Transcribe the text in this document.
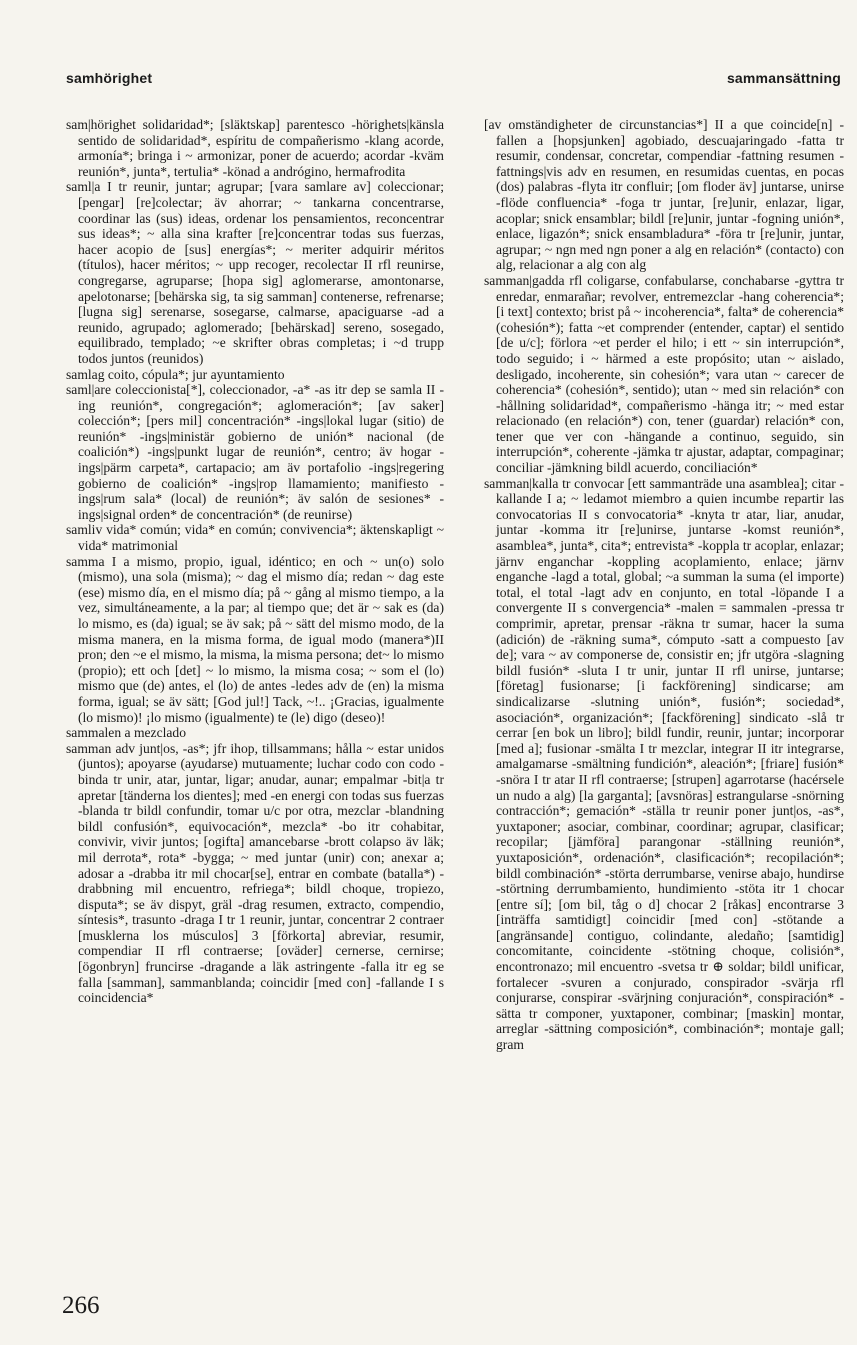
samhörighet	sammansättning
sam|hörighet solidaridad*; [släktskap] parentesco -hörighets|känsla sentido de solidaridad*, espíritu de compañerismo -klang acorde, armonía*; bringa i ~ armonizar, poner de acuerdo; acordar -kväm reunión*, junta*, tertulia* -könad a andrógino, hermafrodita
saml|a I tr reunir, juntar; agrupar; [vara samlare av] coleccionar; [pengar] [re]colectar; äv ahorrar; ~ tankarna concentrarse, coordinar las (sus) ideas, ordenar los pensamientos, reconcentrar sus ideas*; ~ alla sina krafter [re]concentrar todas sus fuerzas, hacer acopio de [sus] energías*; ~ meriter adquirir méritos (títulos), hacer méritos; ~ upp recoger, recolectar II rfl reunirse, congregarse, agruparse; [hopa sig] aglomerarse, amontonarse, apelotonarse; [behärska sig, ta sig samman] contenerse, refrenarse; [lugna sig] serenarse, sosegarse, calmarse, apaciguarse -ad a reunido, agrupado; aglomerado; [behärskad] sereno, sosegado, equilibrado, templado; ~e skrifter obras completas; i ~d trupp todos juntos (reunidos)
samlag coito, cópula*; jur ayuntamiento
saml|are coleccionista[*], coleccionador, -a* -as itr dep se samla II -ing reunión*, congregación*; aglomeración*; [av saker] colección*; [pers mil] concentración* -ings|lokal lugar (sitio) de reunión* -ings|ministär gobierno de unión* nacional (de coalición*) -ings|punkt lugar de reunión*, centro; äv hogar -ings|pärm carpeta*, cartapacio; am äv portafolio -ings|regering gobierno de coalición* -ings|rop llamamiento; manifiesto -ings|rum sala* (local) de reunión*; äv salón de sesiones* -ings|signal orden* de concentración* (de reunirse)
samliv vida* común; vida* en común; convivencia*; äktenskapligt ~ vida* matrimonial
samma I a mismo, propio, igual, idéntico; en och ~ un(o) solo (mismo), una sola (misma); ~ dag el mismo día; redan ~ dag este (ese) mismo día, en el mismo día; på ~ gång al mismo tiempo, a la vez, simultáneamente, a la par; al tiempo que; det är ~ sak es (da) lo mismo, es (da) igual; se äv sak; på ~ sätt del mismo modo, de la misma manera, en la misma forma, de igual modo (manera*)II pron; den ~e el mismo, la misma, la misma persona; det~ lo mismo (propio); ett och [det] ~ lo mismo, la misma cosa; ~ som el (lo) mismo que (de) antes, el (lo) de antes -ledes adv de (en) la misma forma, igual; se äv sätt; [God jul!] Tack, ~!.. ¡Gracias, igualmente (lo mismo)! ¡lo mismo (igualmente) te (le) digo (deseo)!
sammalen a mezclado
samman adv junt|os, -as*; jfr ihop, tillsammans; hålla ~ estar unidos (juntos); apoyarse (ayudarse) mutuamente; luchar codo con codo -binda tr unir, atar, juntar, ligar; anudar, aunar; empalmar -bit|a tr apretar [tänderna los dientes]; med -en energi con todas sus fuerzas -blanda tr bildl confundir, tomar u/c por otra, mezclar -blandning bildl confusión*, equivocación*, mezcla* -bo itr cohabitar, convivir, vivir juntos; [ogifta] amancebarse -brott colapso äv läk; mil derrota*, rota* -bygga; ~ med juntar (unir) con; anexar a; adosar a -drabba itr mil chocar[se], entrar en combate (batalla*) -drabbning mil encuentro, refriega*; bildl choque, tropiezo, disputa*; se äv dispyt, gräl -drag resumen, extracto, compendio, síntesis*, trasunto -draga I tr 1 reunir, juntar, concentrar 2 contraer [musklerna los músculos] 3 [förkorta] abreviar, resumir, compendiar II rfl contraerse; [oväder] cernerse, cernirse; [ögonbryn] fruncirse -dragande a läk astringente -falla itr eg se falla [samman], sammanblanda; coincidir [med con] -fallande I s coincidencia*
[av omständigheter de circunstancias*] II a que coincide[n] -fallen a [hopsjunken] agobiado, descuajaringado -fatta tr resumir, condensar, concretar, compendiar -fattning resumen -fattnings|vis adv en resumen, en resumidas cuentas, en pocas (dos) palabras -flyta itr confluir; [om floder äv] juntarse, unirse -flöde confluencia* -foga tr juntar, [re]unir, enlazar, ligar, acoplar; snick ensamblar; bildl [re]unir, juntar -fogning unión*, enlace, ligazón*; snick ensambladura* -föra tr [re]unir, juntar, agrupar; ~ ngn med ngn poner a alg en relación* (contacto) con alg, relacionar a alg con alg
samman|gadda rfl coligarse, confabularse, conchabarse -gyttra tr enredar, enmarañar; revolver, entremezclar -hang coherencia*; [i text] contexto; brist på ~ incoherencia*, falta* de coherencia* (cohesión*); fatta ~et comprender (entender, captar) el sentido [de u/c]; förlora ~et perder el hilo; i ett ~ sin interrupción*, todo seguido; i ~ härmed a este propósito; utan ~ aislado, desligado, incoherente, sin cohesión*; vara utan ~ carecer de coherencia* (cohesión*, sentido); utan ~ med sin relación* con -hållning solidaridad*, compañerismo -hänga itr; ~ med estar relacionado (en relación*) con, tener (guardar) relación* con, tener que ver con -hängande a continuo, seguido, sin interrupción*, coherente -jämka tr ajustar, adaptar, compaginar; conciliar -jämkning bildl acuerdo, conciliación*
samman|kalla tr convocar [ett sammanträde una asamblea]; citar -kallande I a; ~ ledamot miembro a quien incumbe repartir las convocatorias II s convocatoria* -knyta tr atar, liar, anudar, juntar -komma itr [re]unirse, juntarse -komst reunión*, asamblea*, junta*, cita*; entrevista* -koppla tr acoplar, enlazar; järnv enganchar -koppling acoplamiento, enlace; järnv enganche -lagd a total, global; ~a summan la suma (el importe) total, el total -lagt adv en conjunto, en total -löpande I a convergente II s convergencia* -malen = sammalen -pressa tr comprimir, apretar, prensar -räkna tr sumar, hacer la suma (adición) de -räkning suma*, cómputo -satt a compuesto [av de]; vara ~ av componerse de, consistir en; jfr utgöra -slagning bildl fusión* -sluta I tr unir, juntar II rfl unirse, juntarse; [företag] fusionarse; [i fackförening] sindicarse; am sindicalizarse -slutning unión*, fusión*; sociedad*, asociación*, organización*; [fackförening] sindicato -slå tr cerrar [en bok un libro]; bildl fundir, reunir, juntar; incorporar [med a]; fusionar -smälta I tr mezclar, integrar II itr integrarse, amalgamarse -smältning fundición*, aleación*; [friare] fusión* -snöra I tr atar II rfl contraerse; [strupen] agarrotarse (hacérsele un nudo a alg) [la garganta]; [avsnöras] estrangularse -snörning contracción*; gemación* -ställa tr reunir poner junt|os, -as*, yuxtaponer; asociar, combinar, coordinar; agrupar, clasificar; recopilar; [jämföra] parangonar -ställning reunión*, yuxtaposición*, ordenación*, clasificación*; recopilación*; bildl combinación* -störta derrumbarse, venirse abajo, hundirse -störtning derrumbamiento, hundimiento -stöta itr 1 chocar [entre sí]; [om bil, tåg o d] chocar 2 [råkas] encontrarse 3 [inträffa samtidigt] coincidir [med con] -stötande a [angränsande] contiguo, colindante, aledaño; [samtidig] concomitante, coincidente -stötning choque, colisión*, encontronazo; mil encuentro -svetsa tr ⊕ soldar; bildl unificar, fortalecer -svuren a conjurado, conspirador -svärja rfl conjurarse, conspirar -svärjning conjuración*, conspiración* -sätta tr componer, yuxtaponer, combinar; [maskin] montar, arreglar -sättning composición*, combinación*; montaje gall; gram
266
